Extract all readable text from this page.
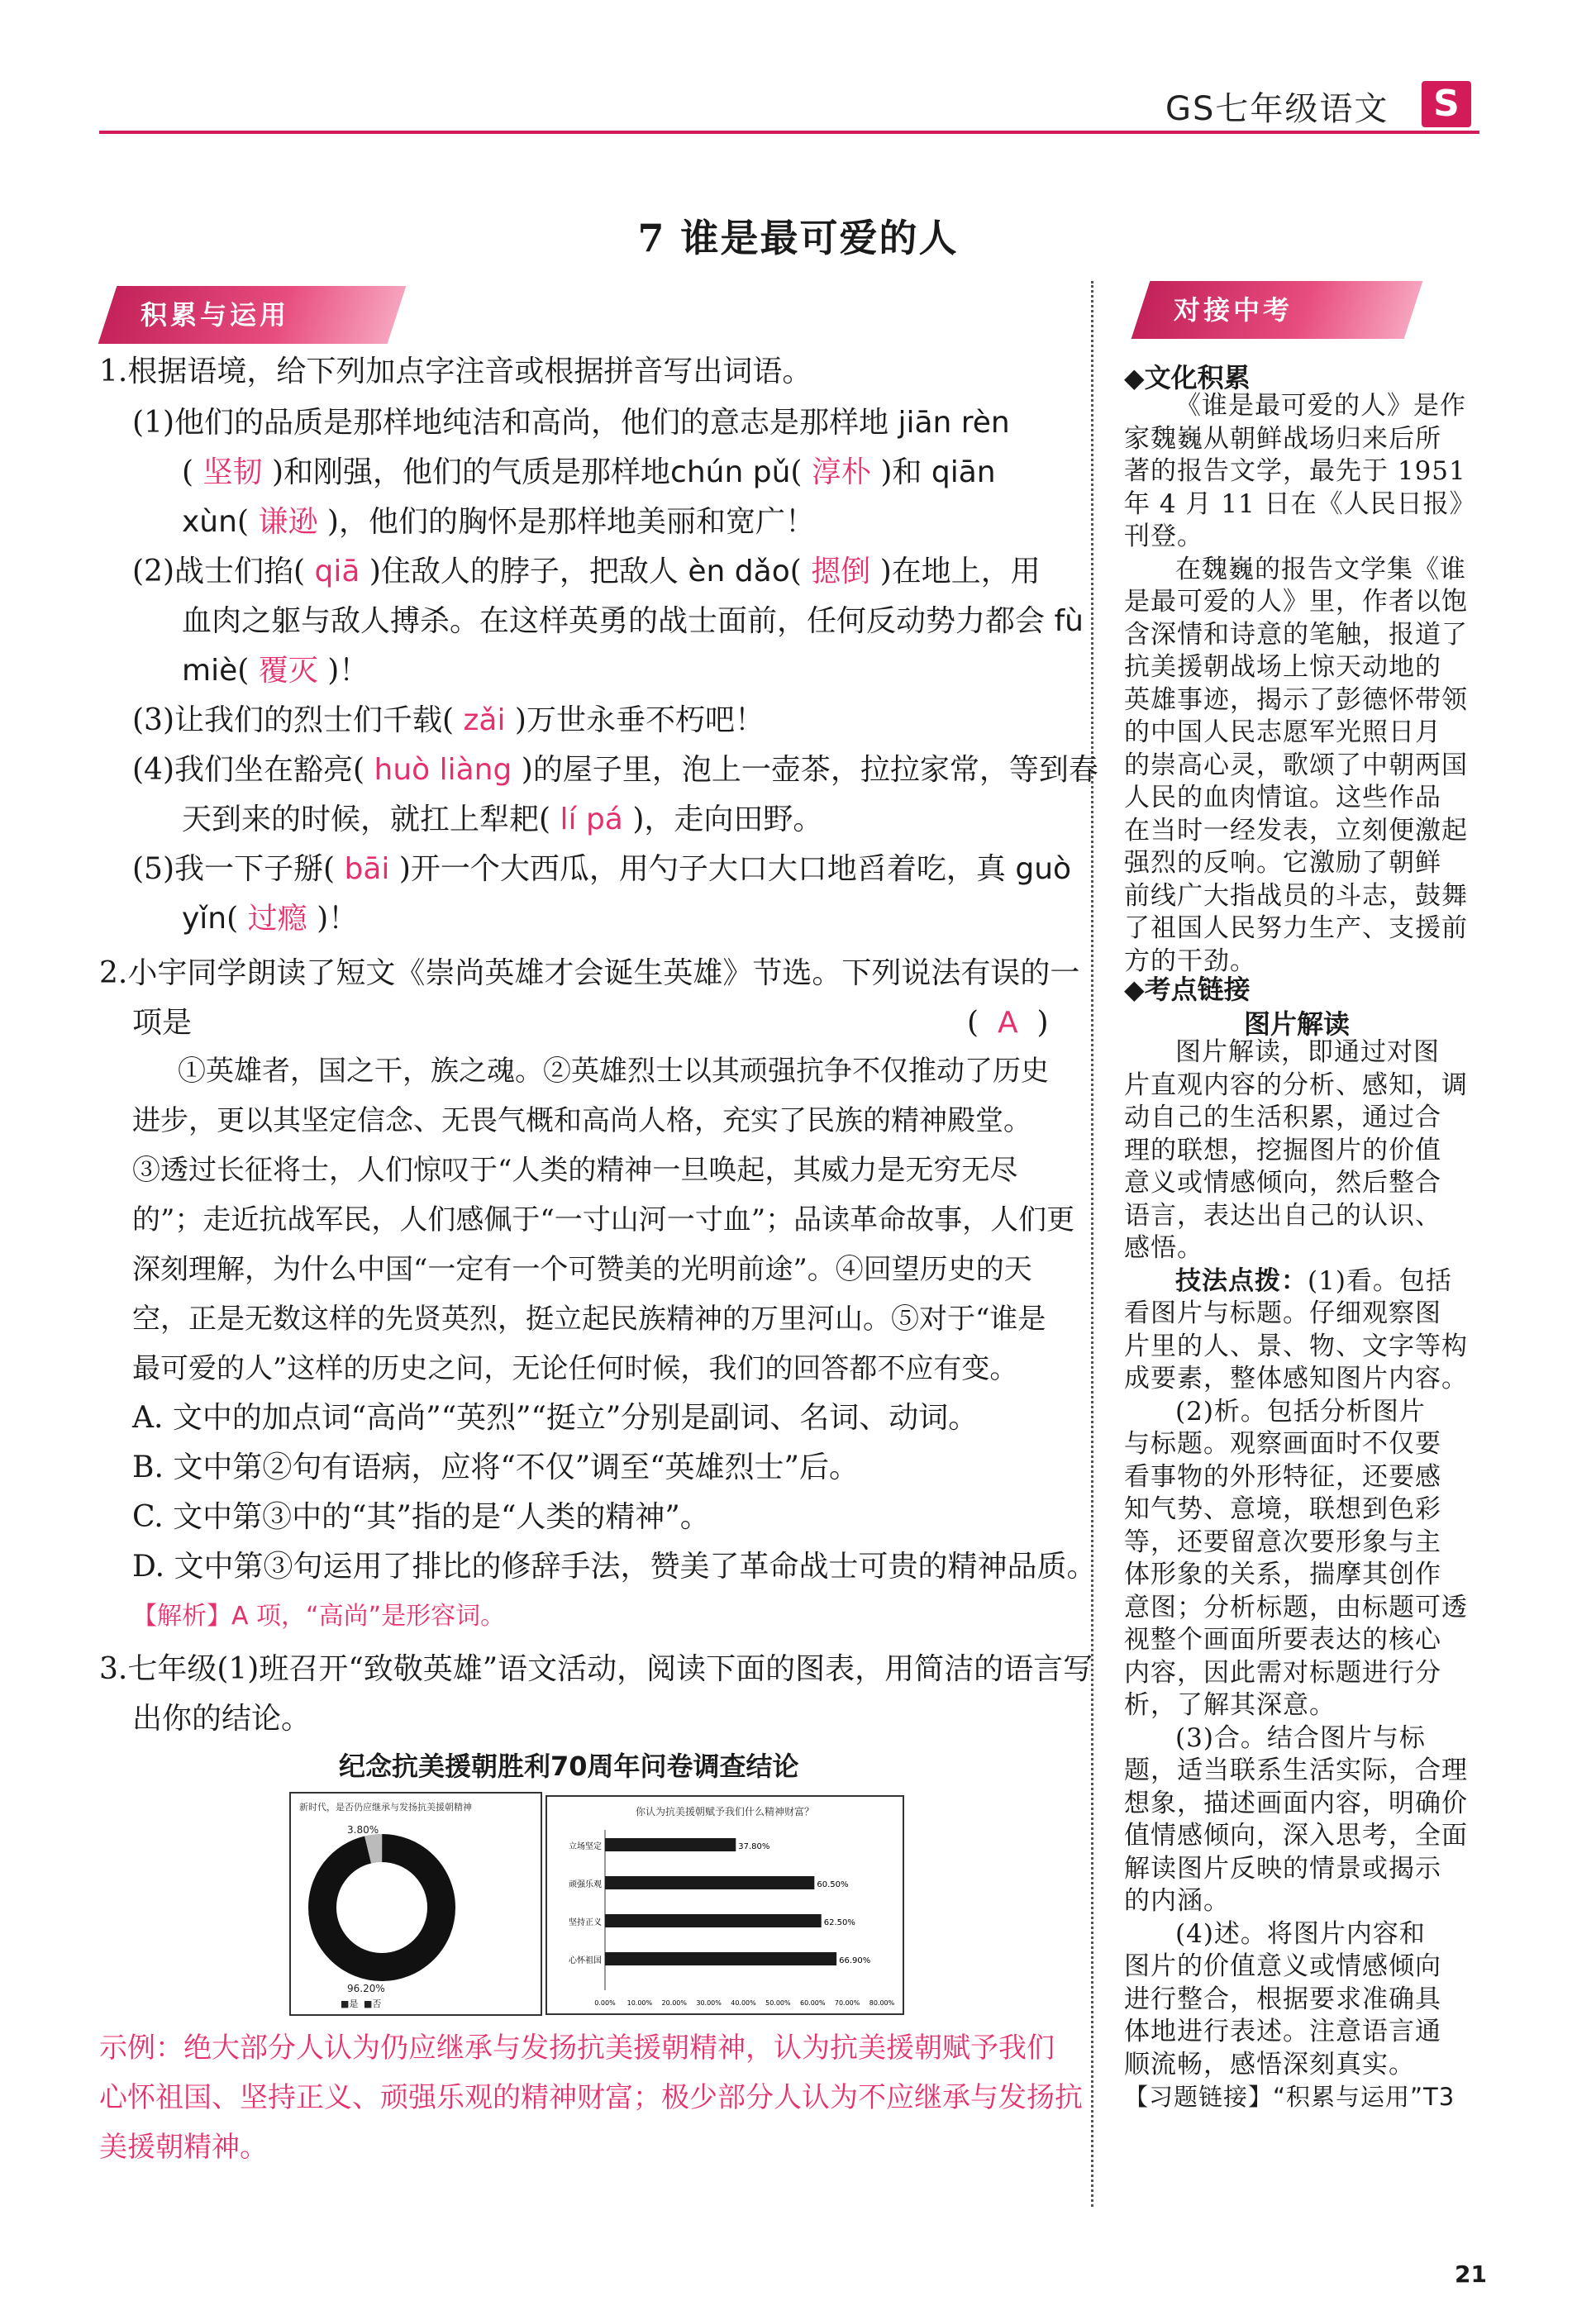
GS七年级语文	S
7 谁是最可爱的人
积累与运用	对接中考
1.根据语境，给下列加点字注音或根据拼音写出词语。
(1)他们的品质是那样地纯洁和高尚，他们的意志是那样地 jiān rèn
( 坚韧 )和刚强，他们的气质是那样地chún pǔ( 淳朴 )和 qiān
xùn( 谦逊 )，他们的胸怀是那样地美丽和宽广！
(2)战士们掐( qiā )住敌人的脖子，把敌人 èn dǎo( 摁倒 )在地上，用
血肉之躯与敌人搏杀。在这样英勇的战士面前，任何反动势力都会 fù
miè( 覆灭 )！
(3)让我们的烈士们千载( zǎi )万世永垂不朽吧！
(4)我们坐在豁亮( huò liàng )的屋子里，泡上一壶茶，拉拉家常，等到春
天到来的时候，就扛上犁耙( lí pá )，走向田野。
(5)我一下子掰( bāi )开一个大西瓜，用勺子大口大口地舀着吃，真 guò
yǐn( 过瘾 )！
2.小宇同学朗读了短文《崇尚英雄才会诞生英雄》节选。下列说法有误的一
项是	(  A  )
①英雄者，国之干，族之魂。②英雄烈士以其顽强抗争不仅推动了历史
进步，更以其坚定信念、无畏气概和高尚人格，充实了民族的精神殿堂。
③透过长征将士，人们惊叹于“人类的精神一旦唤起，其威力是无穷无尽
的”；走近抗战军民，人们感佩于“一寸山河一寸血”；品读革命故事，人们更
深刻理解，为什么中国“一定有一个可赞美的光明前途”。④回望历史的天
空，正是无数这样的先贤英烈，挺立起民族精神的万里河山。⑤对于“谁是
最可爱的人”这样的历史之问，无论任何时候，我们的回答都不应有变。
A. 文中的加点词“高尚”“英烈”“挺立”分别是副词、名词、动词。
B. 文中第②句有语病，应将“不仅”调至“英雄烈士”后。
C. 文中第③中的“其”指的是“人类的精神”。
D. 文中第③句运用了排比的修辞手法，赞美了革命战士可贵的精神品质。
【解析】A 项，“高尚”是形容词。
3.七年级(1)班召开“致敬英雄”语文活动，阅读下面的图表，用简洁的语言写
出你的结论。
纪念抗美援朝胜利70周年问卷调查结论
新时代，是否仍应继承与发扬抗美援朝精神
96.20%
3.80%
■是 ■否
你认为抗美援朝赋予我们什么精神财富？
立场坚定	37.80%
顽强乐观	60.50%
坚持正义	62.50%
心怀祖国	66.90%
0.00% 10.00% 20.00% 30.00% 40.00% 50.00% 60.00% 70.00% 80.00%
示例：绝大部分人认为仍应继承与发扬抗美援朝精神，认为抗美援朝赋予我们
心怀祖国、坚持正义、顽强乐观的精神财富；极少部分人认为不应继承与发扬抗
美援朝精神。
◆文化积累
《谁是最可爱的人》是作
家魏巍从朝鲜战场归来后所
著的报告文学，最先于 1951
年 4 月 11 日在《人民日报》
刊登。
在魏巍的报告文学集《谁
是最可爱的人》里，作者以饱
含深情和诗意的笔触，报道了
抗美援朝战场上惊天动地的
英雄事迹，揭示了彭德怀带领
的中国人民志愿军光照日月
的崇高心灵，歌颂了中朝两国
人民的血肉情谊。这些作品
在当时一经发表，立刻便激起
强烈的反响。它激励了朝鲜
前线广大指战员的斗志，鼓舞
了祖国人民努力生产、支援前
方的干劲。
◆考点链接
图片解读
图片解读，即通过对图
片直观内容的分析、感知，调
动自己的生活积累，通过合
理的联想，挖掘图片的价值
意义或情感倾向，然后整合
语言，表达出自己的认识、
感悟。
技法点拨：(1)看。包括
看图片与标题。仔细观察图
片里的人、景、物、文字等构
成要素，整体感知图片内容。
(2)析。包括分析图片
与标题。观察画面时不仅要
看事物的外形特征，还要感
知气势、意境，联想到色彩
等，还要留意次要形象与主
体形象的关系，揣摩其创作
意图；分析标题，由标题可透
视整个画面所要表达的核心
内容，因此需对标题进行分
析，了解其深意。
(3)合。结合图片与标
题，适当联系生活实际，合理
想象，描述画面内容，明确价
值情感倾向，深入思考，全面
解读图片反映的情景或揭示
的内涵。
(4)述。将图片内容和
图片的价值意义或情感倾向
进行整合，根据要求准确具
体地进行表述。注意语言通
顺流畅，感悟深刻真实。
【习题链接】“积累与运用”T3
21
